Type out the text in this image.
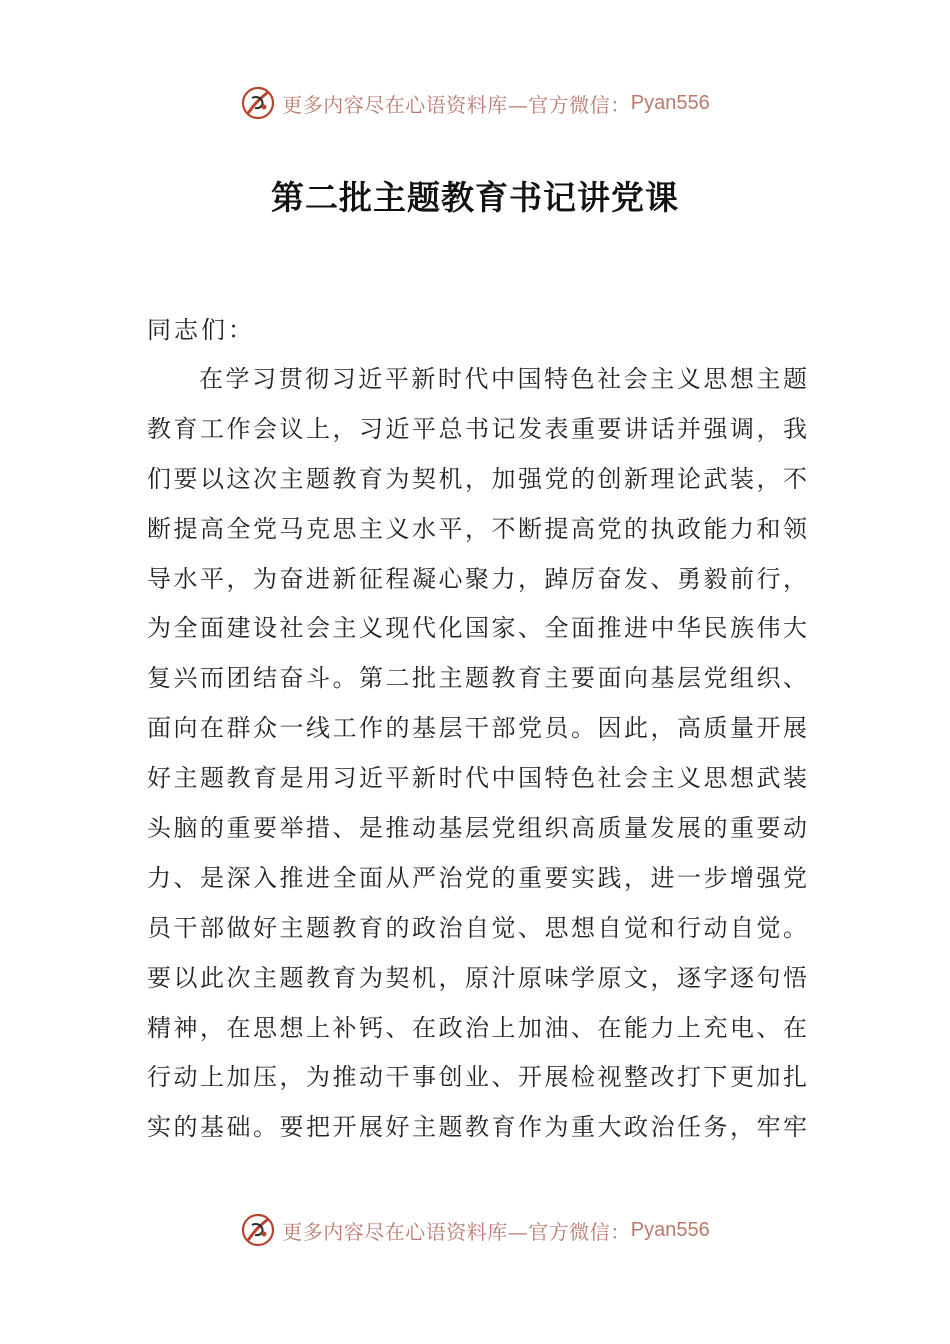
更多内容尽在心语资料库—官方微信： Pyan556
第二批主题教育书记讲党课

同志们：

在学习贯彻习近平新时代中国特色社会主义思想主题
教育工作会议上，习近平总书记发表重要讲话并强调，我
们要以这次主题教育为契机，加强党的创新理论武装，不
断提高全党马克思主义水平，不断提高党的执政能力和领
导水平，为奋进新征程凝心聚力，踔厉奋发、勇毅前行，
为全面建设社会主义现代化国家、全面推进中华民族伟大
复兴而团结奋斗。第二批主题教育主要面向基层党组织、
面向在群众一线工作的基层干部党员。因此，高质量开展
好主题教育是用习近平新时代中国特色社会主义思想武装
头脑的重要举措、是推动基层党组织高质量发展的重要动
力、是深入推进全面从严治党的重要实践，进一步增强党
员干部做好主题教育的政治自觉、思想自觉和行动自觉。
要以此次主题教育为契机，原汁原味学原文，逐字逐句悟
精神，在思想上补钙、在政治上加油、在能力上充电、在
行动上加压，为推动干事创业、开展检视整改打下更加扎
实的基础。要把开展好主题教育作为重大政治任务，牢牢
更多内容尽在心语资料库—官方微信： Pyan556
